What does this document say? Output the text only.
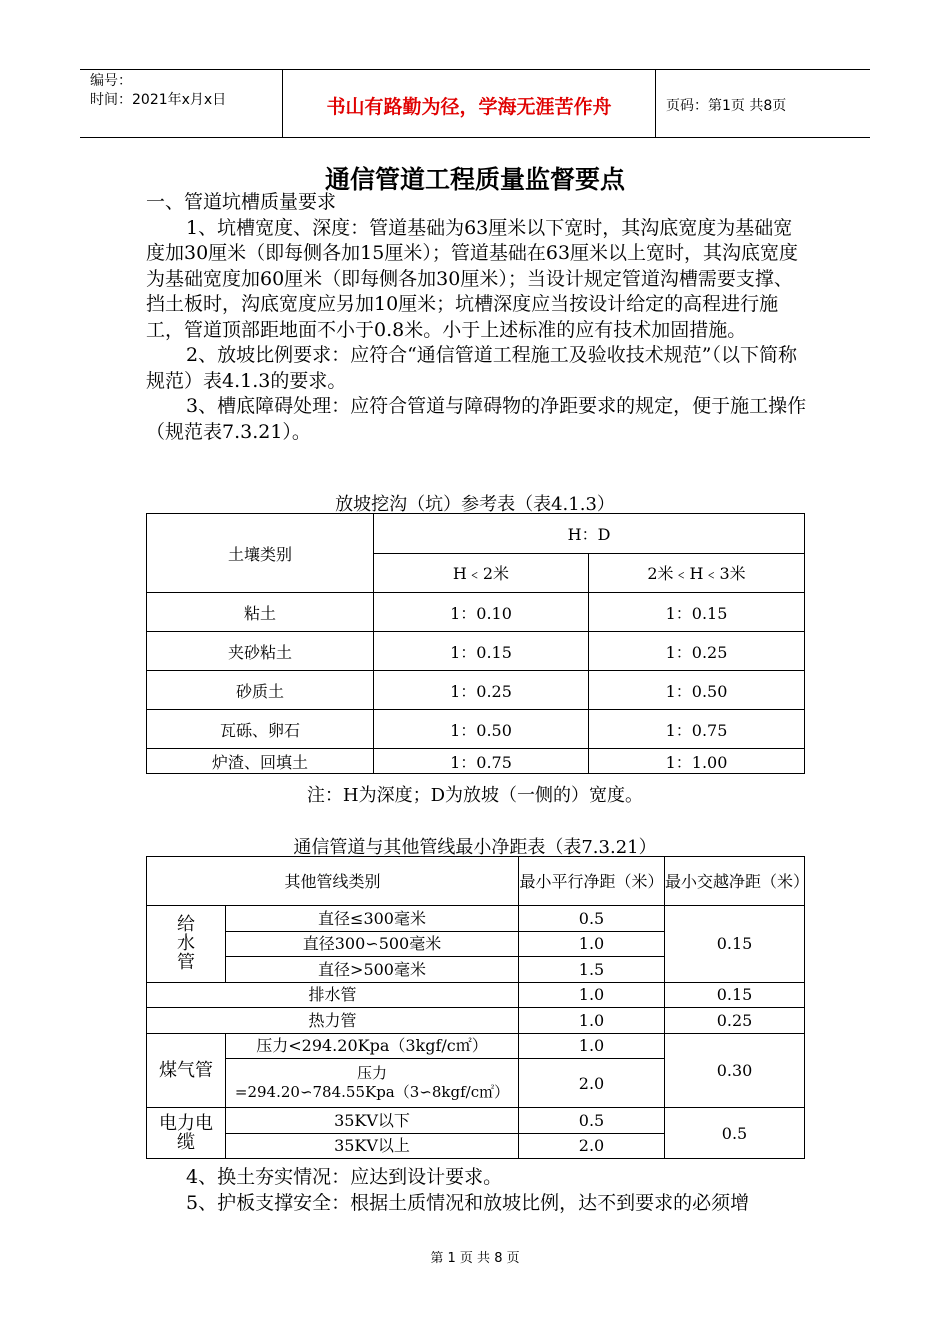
编号：
时间：2021年x月x日	书山有路勤为径，学海无涯苦作舟	页码：第1页 共8页
通信管道工程质量监督要点
一、管道坑槽质量要求
1、坑槽宽度、深度：管道基础为63厘米以下宽时，其沟底宽度为基础宽度加30厘米（即每侧各加15厘米）；管道基础在63厘米以上宽时，其沟底宽度为基础宽度加60厘米（即每侧各加30厘米）；当设计规定管道沟槽需要支撑、挡土板时，沟底宽度应另加10厘米；坑槽深度应当按设计给定的高程进行施工，管道顶部距地面不小于0.8米。小于上述标准的应有技术加固措施。
2、放坡比例要求：应符合“通信管道工程施工及验收技术规范”（以下简称规范）表4.1.3的要求。
3、槽底障碍处理：应符合管道与障碍物的净距要求的规定，便于施工操作（规范表7.3.21）。
放坡挖沟（坑）参考表（表4.1.3）
土壤类别	H：D	
	H﹤2米	2米﹤H﹤3米
粘土	1：0.10	1：0.15
夹砂粘土	1：0.15	1：0.25
砂质土	1：0.25	1：0.50
瓦砾、卵石	1：0.50	1：0.75
炉渣、回填土	1：0.75	1：1.00
注：H为深度；D为放坡（一侧的）宽度。
通信管道与其他管线最小净距表（表7.3.21）
其他管线类别		最小平行净距（米）	最小交越净距（米）

给水管	直径≤300毫米	0.5	0.15
	直径300∽500毫米	1.0	
	直径>500毫米	1.5	
排水管		1.0	0.15
热力管		1.0	0.25
煤气管	压力<294.20Kpa（3kgf/c㎡）	1.0	0.30

	压力
=294.20∽784.55Kpa（3∽8kgf/c㎡）	2.0	

电力电缆	35KV以下	0.5	0.5
	35KV以上	2.0	
4、换土夯实情况：应达到设计要求。
5、护板支撑安全：根据土质情况和放坡比例，达不到要求的必须增
第 1 页 共 8 页
